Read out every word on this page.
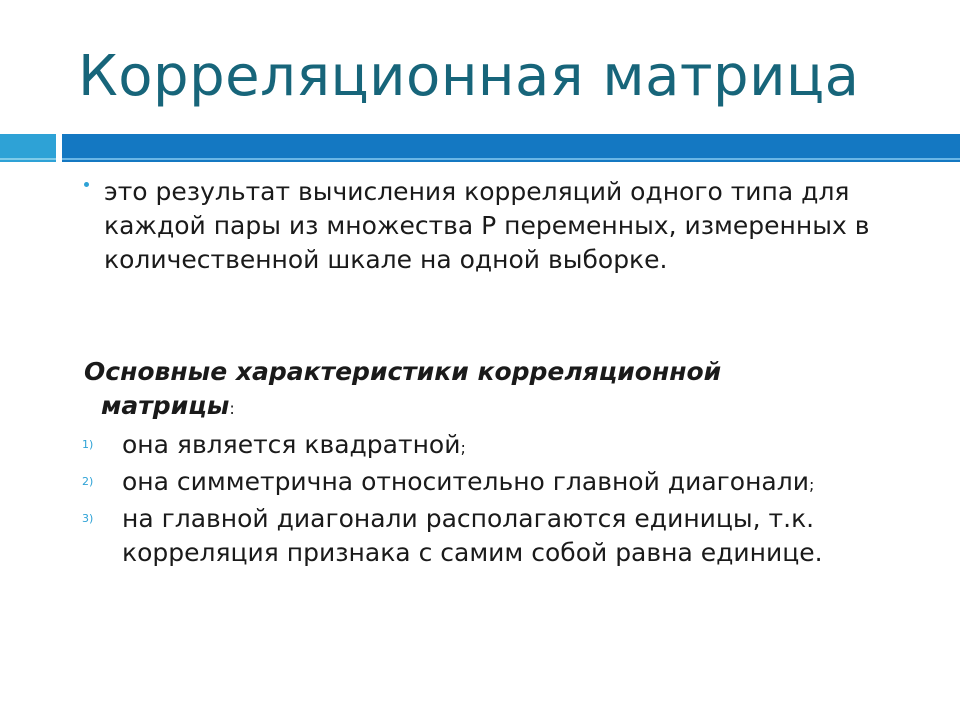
Корреляционная матрица

это результат вычисления корреляций одного типа для каждой пары из множества Р переменных, измеренных в количественной шкале на одной выборке.

Основные характеристики корреляционной
матрицы:

1) она является квадратной;
2) она симметрична относительно главной диагонали;
3) на главной диагонали располагаются единицы, т.к. корреляция признака с самим собой равна единице.
